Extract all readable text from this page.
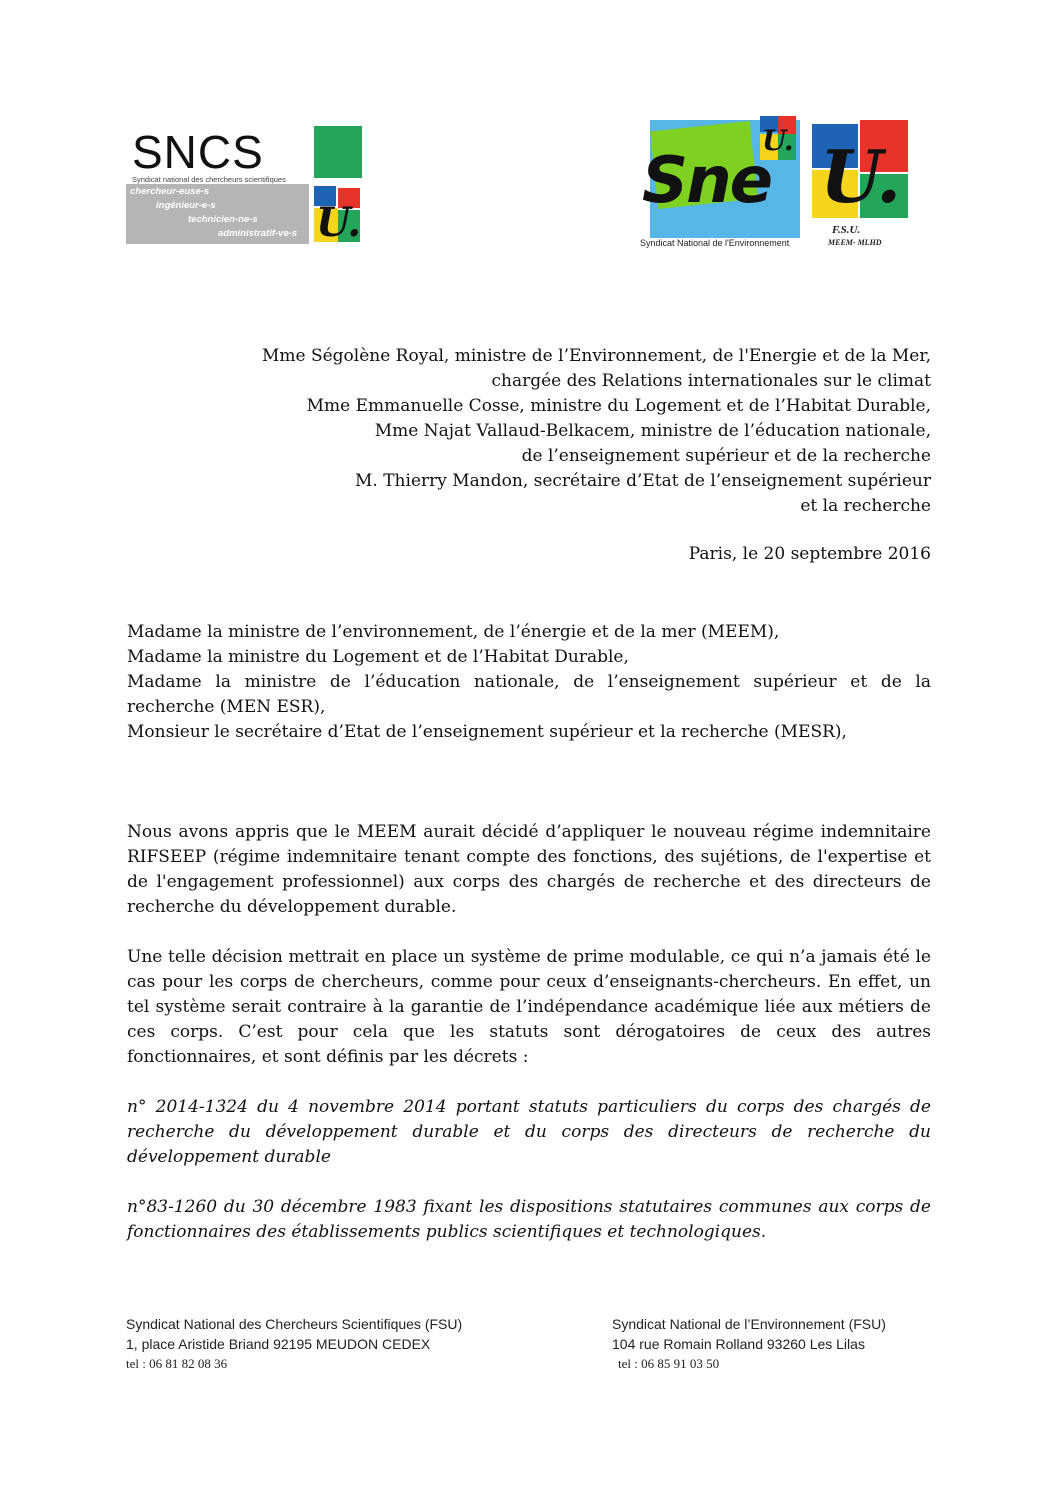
SNCS
Syndicat national des chercheurs scientifiques
chercheur-euse-s
ingénieur-e-s
technicien-ne-s
administratif-ve-s U.
U.
Sne
Syndicat National de l'Environnement
U.
F.S.U.
MEEM- MLHD
Mme Ségolène Royal, ministre de l’Environnement, de l'Energie et de la Mer,
chargée des Relations internationales sur le climat
Mme Emmanuelle Cosse, ministre du Logement et de l’Habitat Durable,
Mme Najat Vallaud-Belkacem, ministre de l’éducation nationale,
de l’enseignement supérieur et de la recherche
M. Thierry Mandon, secrétaire d’Etat de l’enseignement supérieur
et la recherche
Paris, le 20 septembre 2016

Madame la ministre de l’environnement, de l’énergie et de la mer (MEEM),

Madame la ministre du Logement et de l’Habitat Durable,

Madame la ministre de l’éducation nationale, de l’enseignement supérieur et de la recherche (MEN ESR),

Monsieur le secrétaire d’Etat de l’enseignement supérieur et la recherche (MESR),

Nous avons appris que le MEEM aurait décidé d’appliquer le nouveau régime indemnitaire RIFSEEP (régime indemnitaire tenant compte des fonctions, des sujétions, de l'expertise et de l'engagement professionnel) aux corps des chargés de recherche et des directeurs de recherche du développement durable.

Une telle décision mettrait en place un système de prime modulable, ce qui n’a jamais été le cas pour les corps de chercheurs, comme pour ceux d’enseignants-chercheurs. En effet, un tel système serait contraire à la garantie de l’indépendance académique liée aux métiers de ces corps. C’est pour cela que les statuts sont dérogatoires de ceux des autres fonctionnaires, et sont définis par les décrets :

n° 2014-1324 du 4 novembre 2014 portant statuts particuliers du corps des chargés de recherche du développement durable et du corps des directeurs de recherche du développement durable

n°83-1260 du 30 décembre 1983 fixant les dispositions statutaires communes aux corps de fonctionnaires des établissements publics scientifiques et technologiques.

Syndicat National des Chercheurs Scientifiques (FSU)
1, place Aristide Briand 92195 MEUDON CEDEX
tel : 06 81 82 08 36
Syndicat National de l’Environnement (FSU)
104 rue Romain Rolland 93260 Les Lilas
tel : 06 85 91 03 50
